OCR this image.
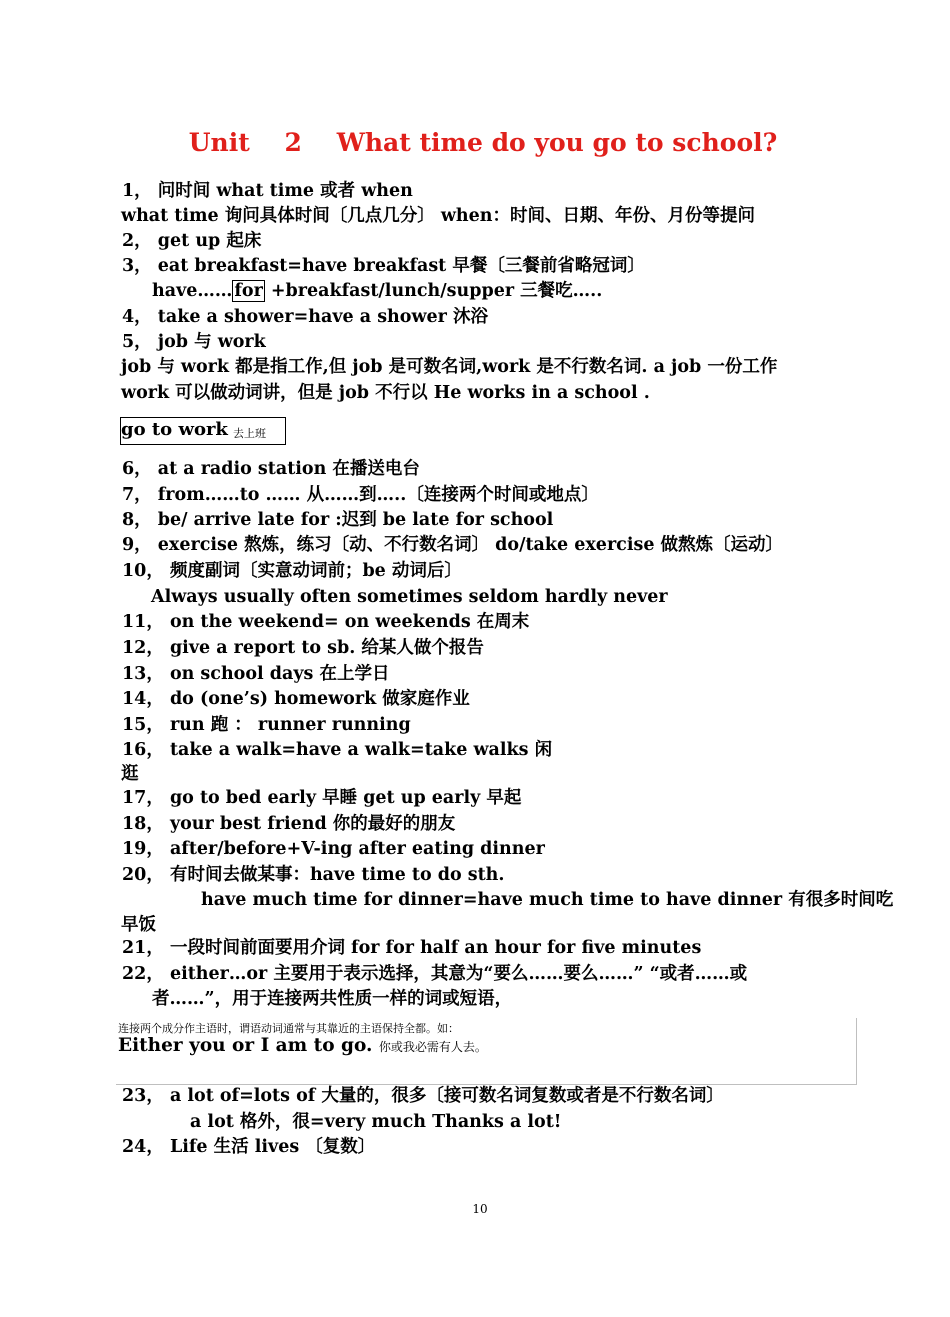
Unit    2    What time do you go to school?
1， 问时间 what time 或者 when
what time 询问具体时间〔几点几分〕 when：时间、日期、年份、月份等提问
2， get up 起床
3， eat breakfast=have breakfast 早餐〔三餐前省略冠词〕
have…… for +breakfast/lunch/supper 三餐吃…..
4， take a shower=have a shower 沐浴
5， job 与 work
job 与 work 都是指工作,但 job 是可数名词,work 是不行数名词. a job 一份工作
work 可以做动词讲，但是 job 不行以 He works in a school .
go to work 去上班
6， at a radio station 在播送电台
7， from……to …… 从……到…..〔连接两个时间或地点〕
8， be/ arrive late for :迟到 be late for school
9， exercise 熬炼，练习〔动、不行数名词〕 do/take exercise 做熬炼〔运动〕
10， 频度副词〔实意动词前；be 动词后〕
Always usually often sometimes seldom hardly never
11， on the weekend= on weekends 在周末
12， give a report to sb. 给某人做个报告
13， on school days 在上学日
14， do (one’s) homework 做家庭作业
15， run 跑 ： runner running
16， take a walk=have a walk=take walks 闲
逛
17， go to bed early 早睡 get up early 早起
18， your best friend 你的最好的朋友
19， after/before+V-ing after eating dinner
20， 有时间去做某事：have time to do sth.
have much time for dinner=have much time to have dinner 有很多时间吃
早饭
21， 一段时间前面要用介词 for for half an hour for five minutes
22， either…or 主要用于表示选择，其意为“要么……要么……” “或者……或
者……”，用于连接两共性质一样的词或短语，
连接两个成分作主语时，谓语动词通常与其靠近的主语保持全都。如：
Either you or I am to go. 你或我必需有人去。
23， a lot of=lots of 大量的，很多〔接可数名词复数或者是不行数名词〕
a lot 格外，很=very much Thanks a lot!
24， Life 生活 lives 〔复数〕
10
